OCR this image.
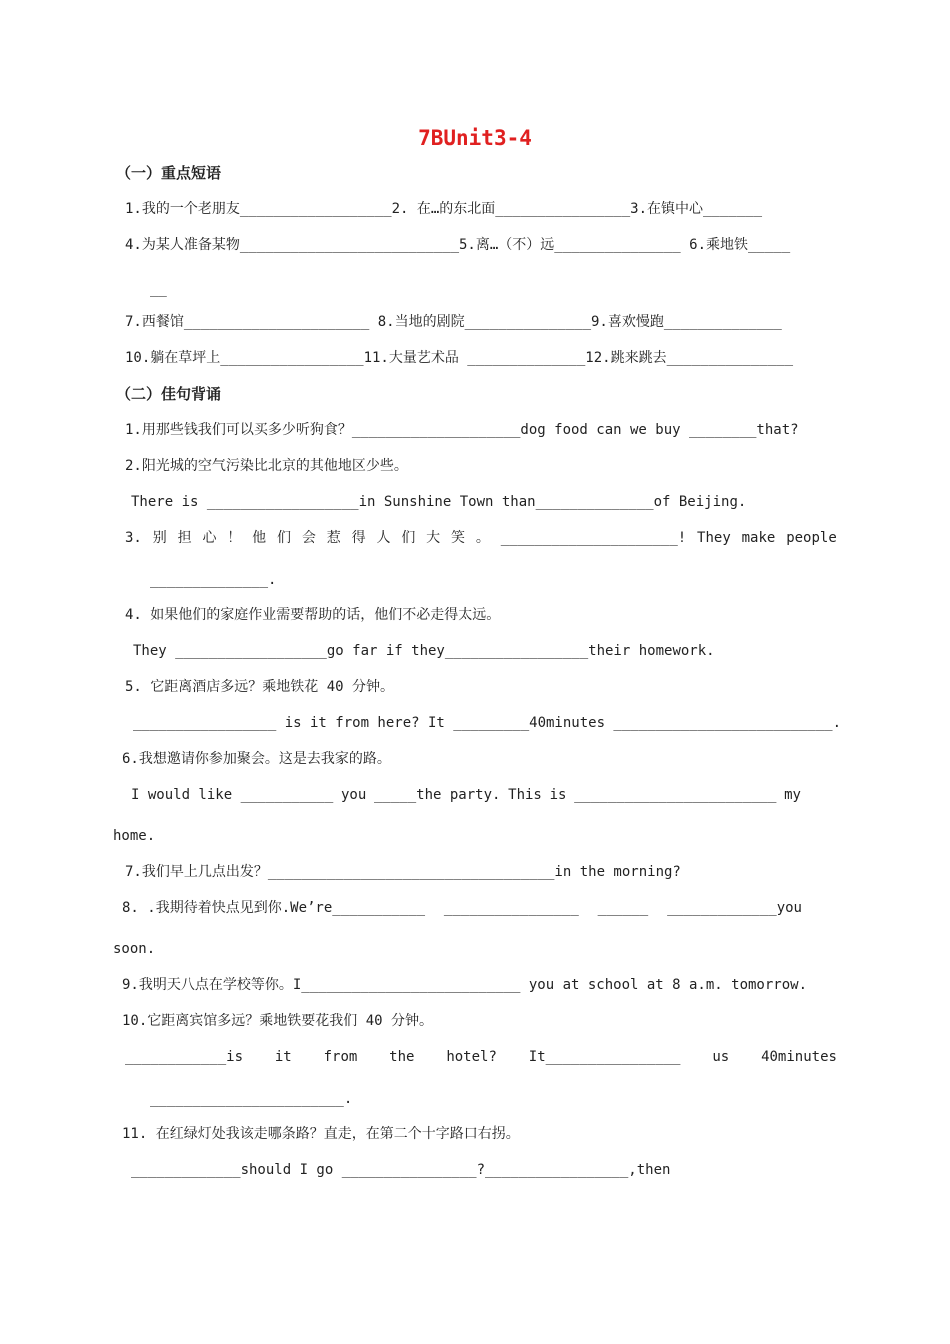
7BUnit3-4
（一）重点短语
1.我的一个老朋友__________________2. 在…的东北面________________3.在镇中心_______
4.为某人准备某物__________________________5.离…（不）远_______________ 6.乘地铁_____
__
7.西餐馆______________________ 8.当地的剧院_______________9.喜欢慢跑______________
10.躺在草坪上_________________11.大量艺术品 ______________12.跳来跳去_______________
（二）佳句背诵
1.用那些钱我们可以买多少听狗食？____________________dog food can we buy ________that?
2.阳光城的空气污染比北京的其他地区少些。
There is __________________in Sunshine Town than______________of Beijing.
3. 别 担 心 ！ 他 们 会 惹 得 人 们 大 笑 。 _____________________! They make people
______________.
4. 如果他们的家庭作业需要帮助的话，他们不必走得太远。
They __________________go far if they_________________their homework.
5. 它距离酒店多远？乘地铁花 40 分钟。
_________________ is it from here? It _________40minutes __________________________.
6.我想邀请你参加聚会。这是去我家的路。
I would like ___________ you _____the party. This is ________________________ my
home.
7.我们早上几点出发？__________________________________in the morning?
8. .我期待着快点见到你.We’re___________ ________________ ______ _____________you
soon.
9.我明天八点在学校等你。I__________________________ you at school at 8 a.m. tomorrow.
10.它距离宾馆多远？乘地铁要花我们 40 分钟。
____________is it from the hotel? It________________ us 40minutes
_______________________.
11. 在红绿灯处我该走哪条路？直走，在第二个十字路口右拐。
_____________should I go ________________?_________________,then
